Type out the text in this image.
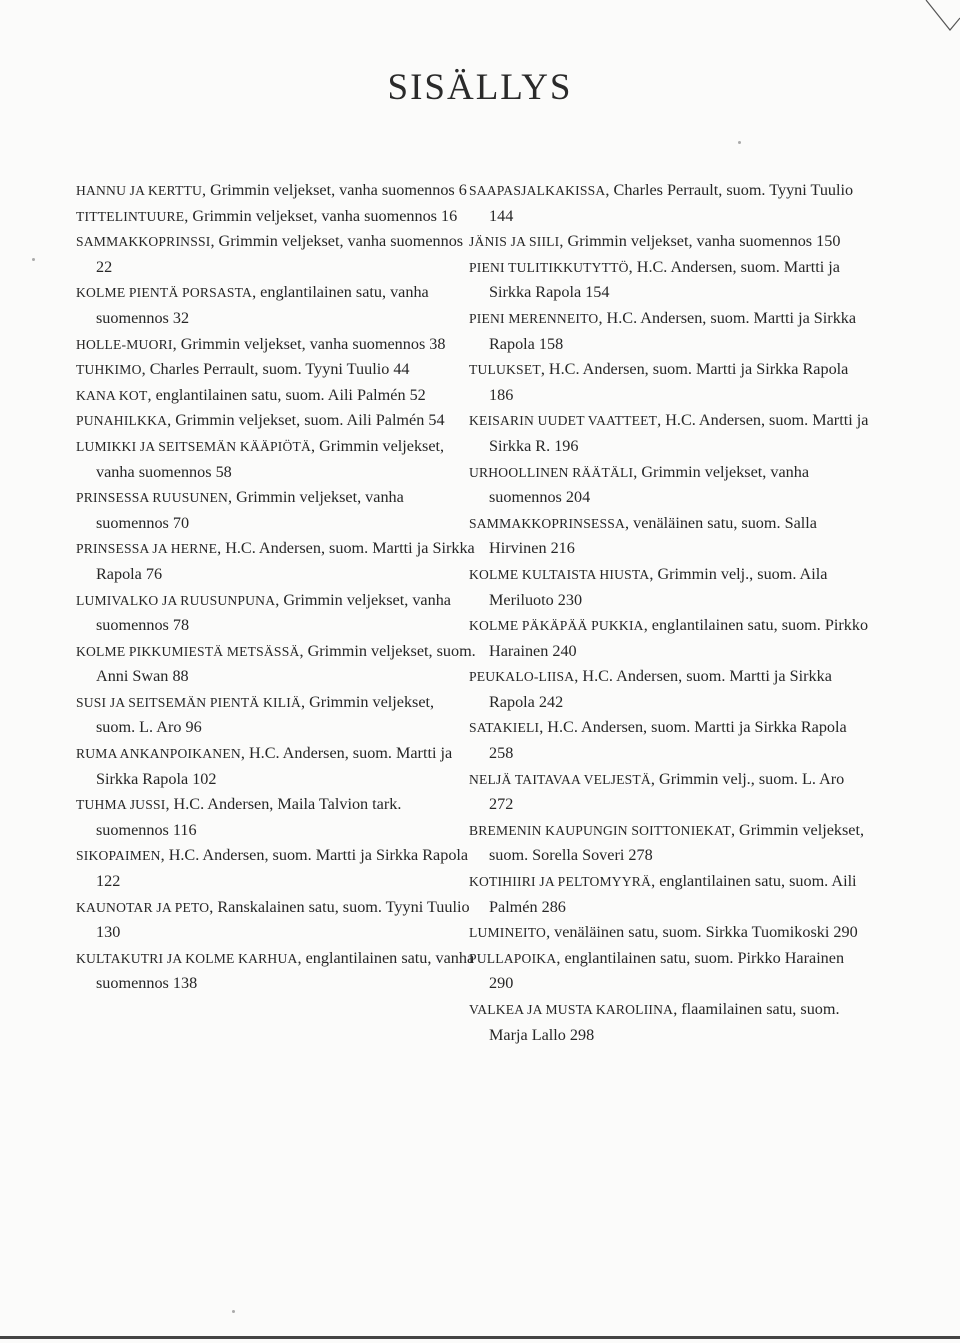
SISÄLLYS

HANNU JA KERTTU, Grimmin veljekset, vanha suomennos 6

TITTELINTUURE, Grimmin veljekset, vanha suomennos 16

SAMMAKKOPRINSSI, Grimmin veljekset, vanha suomennos 22

KOLME PIENTÄ PORSASTA, englantilainen satu, vanha suomennos 32

HOLLE-MUORI, Grimmin veljekset, vanha suomennos 38

TUHKIMO, Charles Perrault, suom. Tyyni Tuulio 44

KANA KOT, englantilainen satu, suom. Aili Palmén 52

PUNAHILKKA, Grimmin veljekset, suom. Aili Palmén 54

LUMIKKI JA SEITSEMÄN KÄÄPIÖTÄ, Grimmin veljekset, vanha suomennos 58

PRINSESSA RUUSUNEN, Grimmin veljekset, vanha suomennos 70

PRINSESSA JA HERNE, H.C. Andersen, suom. Martti ja Sirkka Rapola 76

LUMIVALKO JA RUUSUNPUNA, Grimmin veljekset, vanha suomennos 78

KOLME PIKKUMIESTÄ METSÄSSÄ, Grimmin veljekset, suom. Anni Swan 88

SUSI JA SEITSEMÄN PIENTÄ KILIÄ, Grimmin veljekset, suom. L. Aro 96

RUMA ANKANPOIKANEN, H.C. Andersen, suom. Martti ja Sirkka Rapola 102

TUHMA JUSSI, H.C. Andersen, Maila Talvion tark. suomennos 116

SIKOPAIMEN, H.C. Andersen, suom. Martti ja Sirkka Rapola 122

KAUNOTAR JA PETO, Ranskalainen satu, suom. Tyyni Tuulio 130

KULTAKUTRI JA KOLME KARHUA, englantilainen satu, vanha suomennos 138

SAAPASJALKAKISSA, Charles Perrault, suom. Tyyni Tuulio 144

JÄNIS JA SIILI, Grimmin veljekset, vanha suomennos 150

PIENI TULITIKKUTYTTÖ, H.C. Andersen, suom. Martti ja Sirkka Rapola 154

PIENI MERENNEITO, H.C. Andersen, suom. Martti ja Sirkka Rapola 158

TULUKSET, H.C. Andersen, suom. Martti ja Sirkka Rapola 186

KEISARIN UUDET VAATTEET, H.C. Andersen, suom. Martti ja Sirkka R. 196

URHOOLLINEN RÄÄTÄLI, Grimmin veljekset, vanha suomennos 204

SAMMAKKOPRINSESSA, venäläinen satu, suom. Salla Hirvinen 216

KOLME KULTAISTA HIUSTA, Grimmin velj., suom. Aila Meriluoto 230

KOLME PÄKÄPÄÄ PUKKIA, englantilainen satu, suom. Pirkko Harainen 240

PEUKALO-LIISA, H.C. Andersen, suom. Martti ja Sirkka Rapola 242

SATAKIELI, H.C. Andersen, suom. Martti ja Sirkka Rapola 258

NELJÄ TAITAVAA VELJESTÄ, Grimmin velj., suom. L. Aro 272

BREMENIN KAUPUNGIN SOITTONIEKAT, Grimmin veljekset, suom. Sorella Soveri 278

KOTIHIIRI JA PELTOMYYRÄ, englantilainen satu, suom. Aili Palmén 286

LUMINEITO, venäläinen satu, suom. Sirkka Tuomikoski 290

PULLAPOIKA, englantilainen satu, suom. Pirkko Harainen 290

VALKEA JA MUSTA KAROLIINA, flaamilainen satu, suom. Marja Lallo 298
